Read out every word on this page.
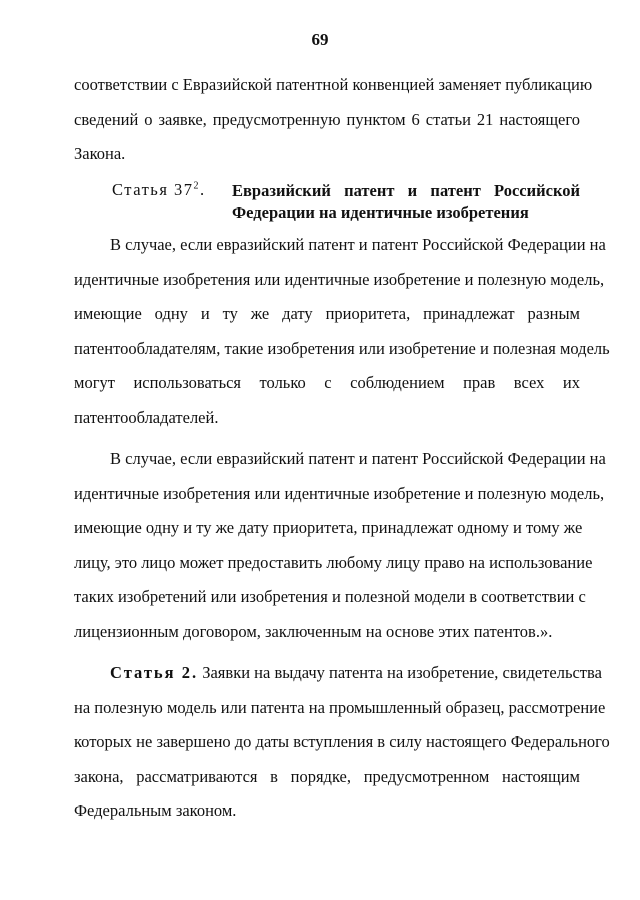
69
соответствии с Евразийской патентной конвенцией заменяет публикацию
сведений о заявке, предусмотренную пунктом 6 статьи 21 настоящего
Закона.
Статья $37^2$. Евразийский патент и патент Российской
Федерации на идентичные изобретения
В случае, если евразийский патент и патент Российской Федерации на
идентичные изобретения или идентичные изобретение и полезную модель,
имеющие одну и ту же дату приоритета, принадлежат разным
патентообладателям, такие изобретения или изобретение и полезная модель
могут использоваться только с соблюдением прав всех их
патентообладателей.
В случае, если евразийский патент и патент Российской Федерации на
идентичные изобретения или идентичные изобретение и полезную модель,
имеющие одну и ту же дату приоритета, принадлежат одному и тому же
лицу, это лицо может предоставить любому лицу право на использование
таких изобретений или изобретения и полезной модели в соответствии с
лицензионным договором, заключенным на основе этих патентов.».
Статья 2. Заявки на выдачу патента на изобретение, свидетельства
на полезную модель или патента на промышленный образец, рассмотрение
которых не завершено до даты вступления в силу настоящего Федерального
закона, рассматриваются в порядке, предусмотренном настоящим
Федеральным законом.
